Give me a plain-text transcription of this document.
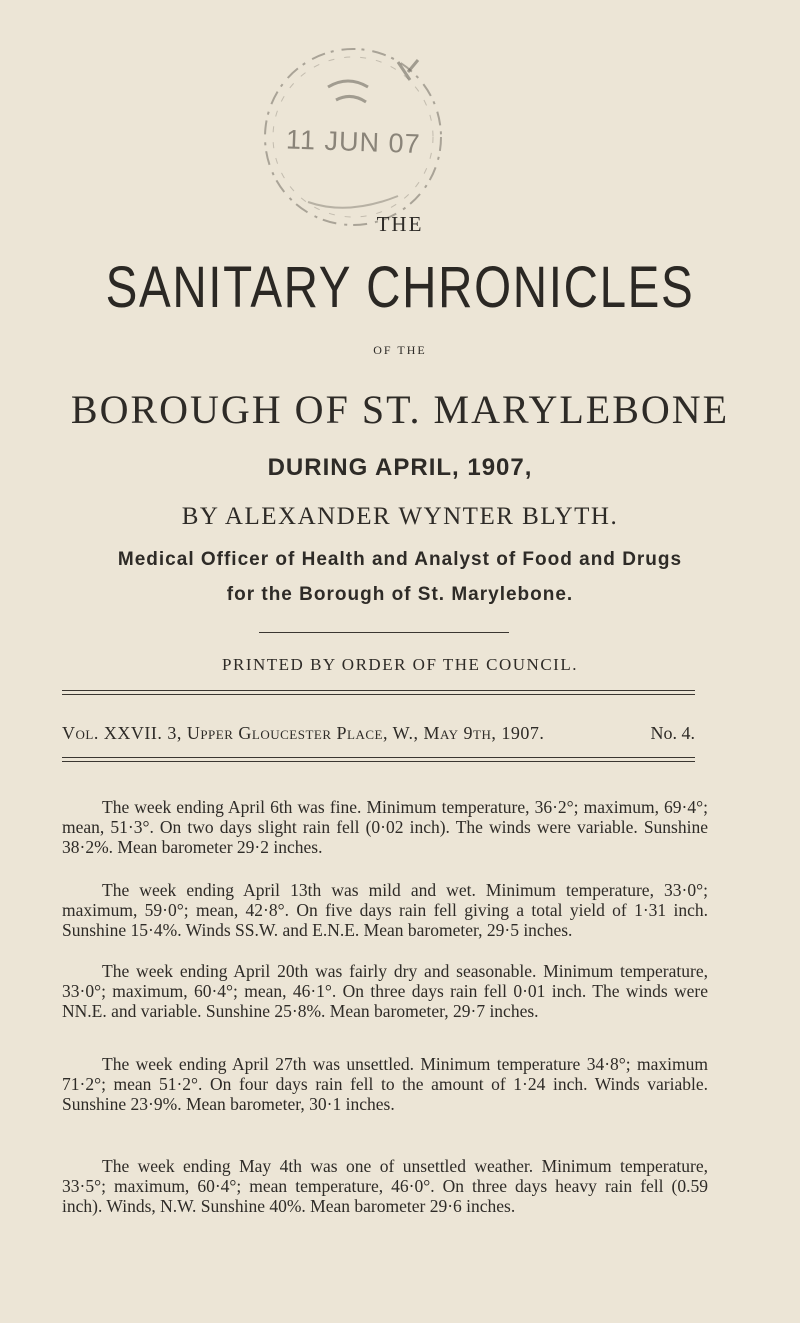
11 JUN 07
THE
SANITARY CHRONICLES
OF THE
BOROUGH OF ST. MARYLEBONE
DURING APRIL, 1907,
BY ALEXANDER WYNTER BLYTH.
Medical Officer of Health and Analyst of Food and Drugs
for the Borough of St. Marylebone.
PRINTED BY ORDER OF THE COUNCIL.
Vol. XXVII. 3, Upper Gloucester Place, W., May 9th, 1907.	No. 4.

The week ending April 6th was fine. Minimum temperature, 36·2°; maximum, 69·4°; mean, 51·3°. On two days slight rain fell (0·02 inch). The winds were variable. Sunshine 38·2%. Mean barometer 29·2 inches.

The week ending April 13th was mild and wet. Minimum temperature, 33·0°; maximum, 59·0°; mean, 42·8°. On five days rain fell giving a total yield of 1·31 inch. Sunshine 15·4%. Winds SS.W. and E.N.E. Mean barometer, 29·5 inches.

The week ending April 20th was fairly dry and seasonable. Minimum temperature, 33·0°; maximum, 60·4°; mean, 46·1°. On three days rain fell 0·01 inch. The winds were NN.E. and variable. Sunshine 25·8%. Mean barometer, 29·7 inches.

The week ending April 27th was unsettled. Minimum temperature 34·8°; maximum 71·2°; mean 51·2°. On four days rain fell to the amount of 1·24 inch. Winds variable. Sunshine 23·9%. Mean barometer, 30·1 inches.

The week ending May 4th was one of unsettled weather. Minimum temperature, 33·5°; maximum, 60·4°; mean temperature, 46·0°. On three days heavy rain fell (0.59 inch). Winds, N.W. Sunshine 40%. Mean barometer 29·6 inches.
